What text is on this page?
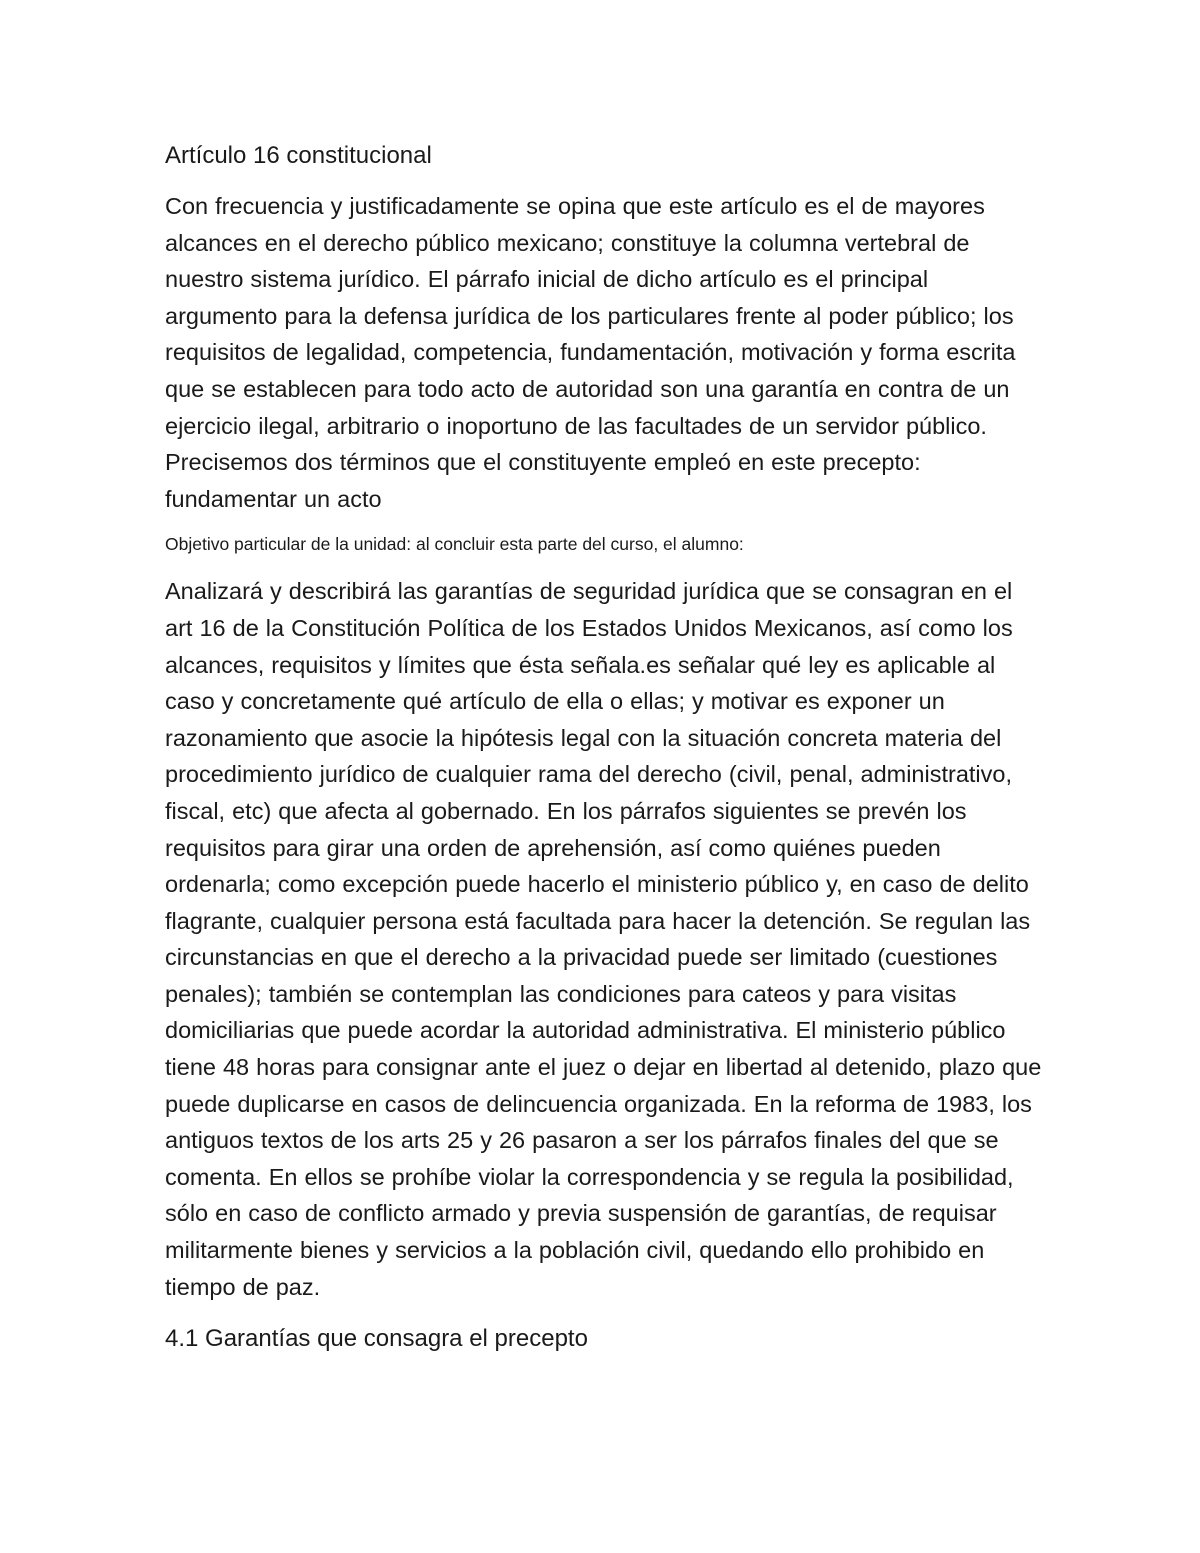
Artículo 16 constitucional

Con frecuencia y justificadamente se opina que este artículo es el de mayores alcances en el derecho público mexicano; constituye la columna vertebral de nuestro sistema jurídico. El párrafo inicial de dicho artículo es el principal argumento para la defensa jurídica de los particulares frente al poder público; los requisitos de legalidad, competencia, fundamentación, motivación y forma escrita que se establecen para todo acto de autoridad son una garantía en contra de un ejercicio ilegal, arbitrario o inoportuno de las facultades de un servidor público. Precisemos dos términos que el constituyente empleó en este precepto: fundamentar un acto

Objetivo particular de la unidad: al concluir esta parte del curso, el alumno:

Analizará y describirá las garantías de seguridad jurídica que se consagran en el art 16 de la Constitución Política de los Estados Unidos Mexicanos, así como los alcances, requisitos y límites que ésta señala.es señalar qué ley es aplicable al caso y concretamente qué artículo de ella o ellas; y motivar es exponer un razonamiento que asocie la hipótesis legal con la situación concreta materia del procedimiento jurídico de cualquier rama del derecho (civil, penal, administrativo, fiscal, etc) que afecta al gobernado. En los párrafos siguientes se prevén los requisitos para girar una orden de aprehensión, así como quiénes pueden ordenarla; como excepción puede hacerlo el ministerio público y, en caso de delito flagrante, cualquier persona está facultada para hacer la detención. Se regulan las circunstancias en que el derecho a la privacidad puede ser limitado (cuestiones penales); también se contemplan las condiciones para cateos y para visitas domiciliarias que puede acordar la autoridad administrativa. El ministerio público tiene 48 horas para consignar ante el juez o dejar en libertad al detenido, plazo que puede duplicarse en casos de delincuencia organizada. En la reforma de 1983, los antiguos textos de los arts 25 y 26 pasaron a ser los párrafos finales del que se comenta. En ellos se prohíbe violar la correspondencia y se regula la posibilidad, sólo en caso de conflicto armado y previa suspensión de garantías, de requisar militarmente bienes y servicios a la población civil, quedando ello prohibido en tiempo de paz.

4.1 Garantías que consagra el precepto
